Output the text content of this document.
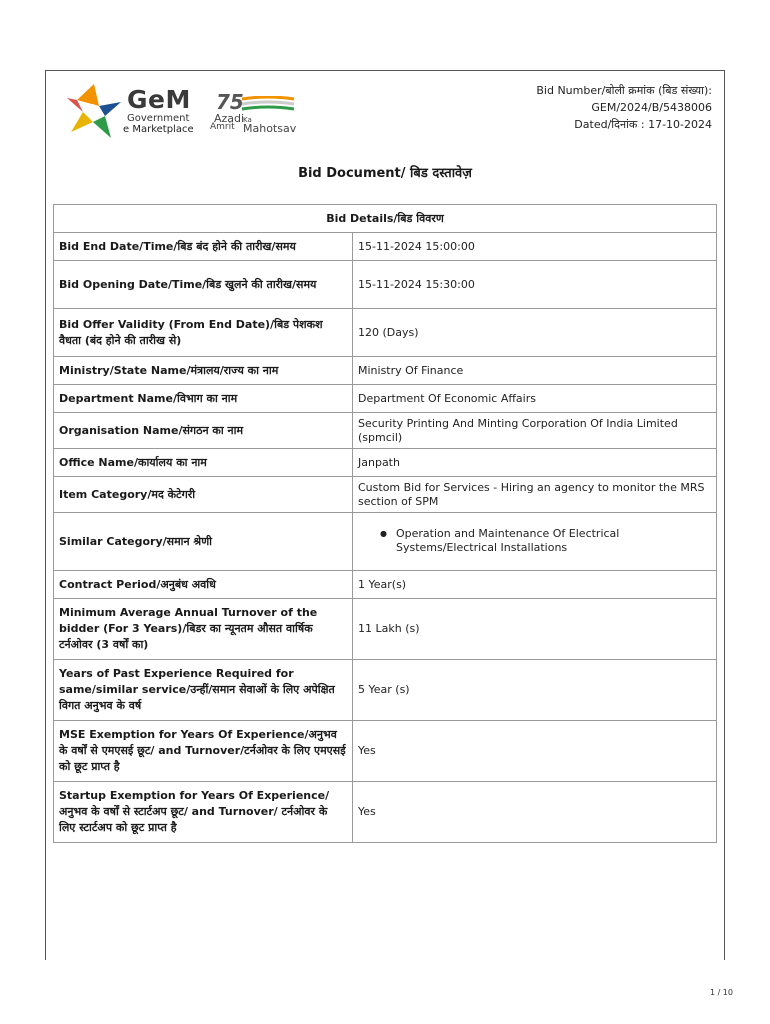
GeM
Government
e Marketplace
75
Azadi
Ka
Amrit Mahotsav
Bid Number/बोली क्रमांक (बिड संख्या):
GEM/2024/B/5438006
Dated/दिनांक : 17-10-2024
Bid Document/ बिड दस्तावेज़
Bid Details/बिड विवरण	
Bid End Date/Time/बिड बंद होने की तारीख/समय	15-11-2024 15:00:00
Bid Opening Date/Time/बिड खुलने की तारीख/समय	15-11-2024 15:30:00
Bid Offer Validity (From End Date)/बिड पेशकश वैधता (बंद होने की तारीख से)	120 (Days)
Ministry/State Name/मंत्रालय/राज्य का नाम	Ministry Of Finance
Department Name/विभाग का नाम	Department Of Economic Affairs
Organisation Name/संगठन का नाम	Security Printing And Minting Corporation Of India Limited (spmcil)
Office Name/कार्यालय का नाम	Janpath
Item Category/मद केटेगरी	Custom Bid for Services - Hiring an agency to monitor the MRS section of SPM
Similar Category/समान श्रेणी	● Operation and Maintenance Of Electrical Systems/Electrical Installations

Contract Period/अनुबंध अवधि	1 Year(s)
Minimum Average Annual Turnover of the bidder (For 3 Years)/बिडर का न्यूनतम औसत वार्षिक टर्नओवर (3 वर्षों का)	11 Lakh (s)
Years of Past Experience Required for same/similar service/उन्हीं/समान सेवाओं के लिए अपेक्षित विगत अनुभव के वर्ष	5 Year (s)
MSE Exemption for Years Of Experience/अनुभव के वर्षों से एमएसई छूट/ and Turnover/टर्नओवर के लिए एमएसई को छूट प्राप्त है	Yes
Startup Exemption for Years Of Experience/अनुभव के वर्षों से स्टार्टअप छूट/ and Turnover/ टर्नओवर के लिए स्टार्टअप को छूट प्राप्त है	Yes
1 / 10
